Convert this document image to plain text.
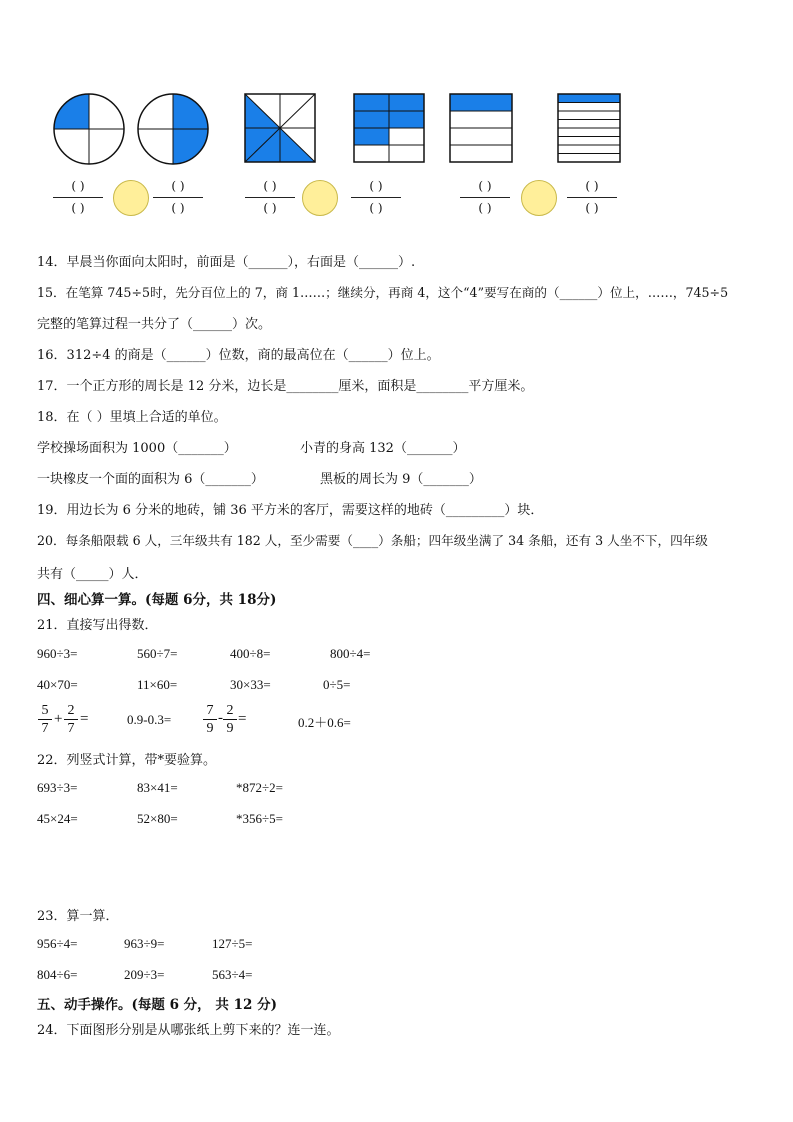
( )
( )
( )
( )
( )
( )
( )
( )
( )
( )
( )
( )
14．早晨当你面向太阳时，前面是（______），右面是（______）.
15．在笔算 745÷5时，先分百位上的 7，商 1……；继续分，再商 4，这个“4”要写在商的（______）位上，……，745÷5
完整的笔算过程一共分了（______）次。
16．312÷4 的商是（______）位数，商的最高位在（______）位上。
17．一个正方形的周长是 12 分米，边长是________厘米，面积是________平方厘米。
18．在（ ）里填上合适的单位。
学校操场面积为 1000（_______）	小青的身高 132（_______）
一块橡皮一个面的面积为 6（_______）	黑板的周长为 9（_______）
19．用边长为 6 分米的地砖，铺 36 平方米的客厅，需要这样的地砖（_________）块．
20．每条船限载 6 人，三年级共有 182 人，至少需要（____）条船；四年级坐满了 34 条船，还有 3 人坐不下，四年级
共有（_____）人．
四、细心算一算。(每题 6分，共 18分)
21．直接写出得数．
960÷3=	560÷7=	400÷8=	800÷4=
40×70=	11×60=	30×33=	0÷5=
5
7
+
2
7
=	0.9-0.3=
7
9
- 2
9
=	0.2＋0.6=
22．列竖式计算，带*要验算。
693÷3=	83×41=	*872÷2=
45×24=	52×80=	*356÷5=
23．算一算．
956÷4=	963÷9=	127÷5=
804÷6=	209÷3=	563÷4=
五、动手操作。(每题 6 分， 共 12 分)
24．下面图形分别是从哪张纸上剪下来的？连一连。
